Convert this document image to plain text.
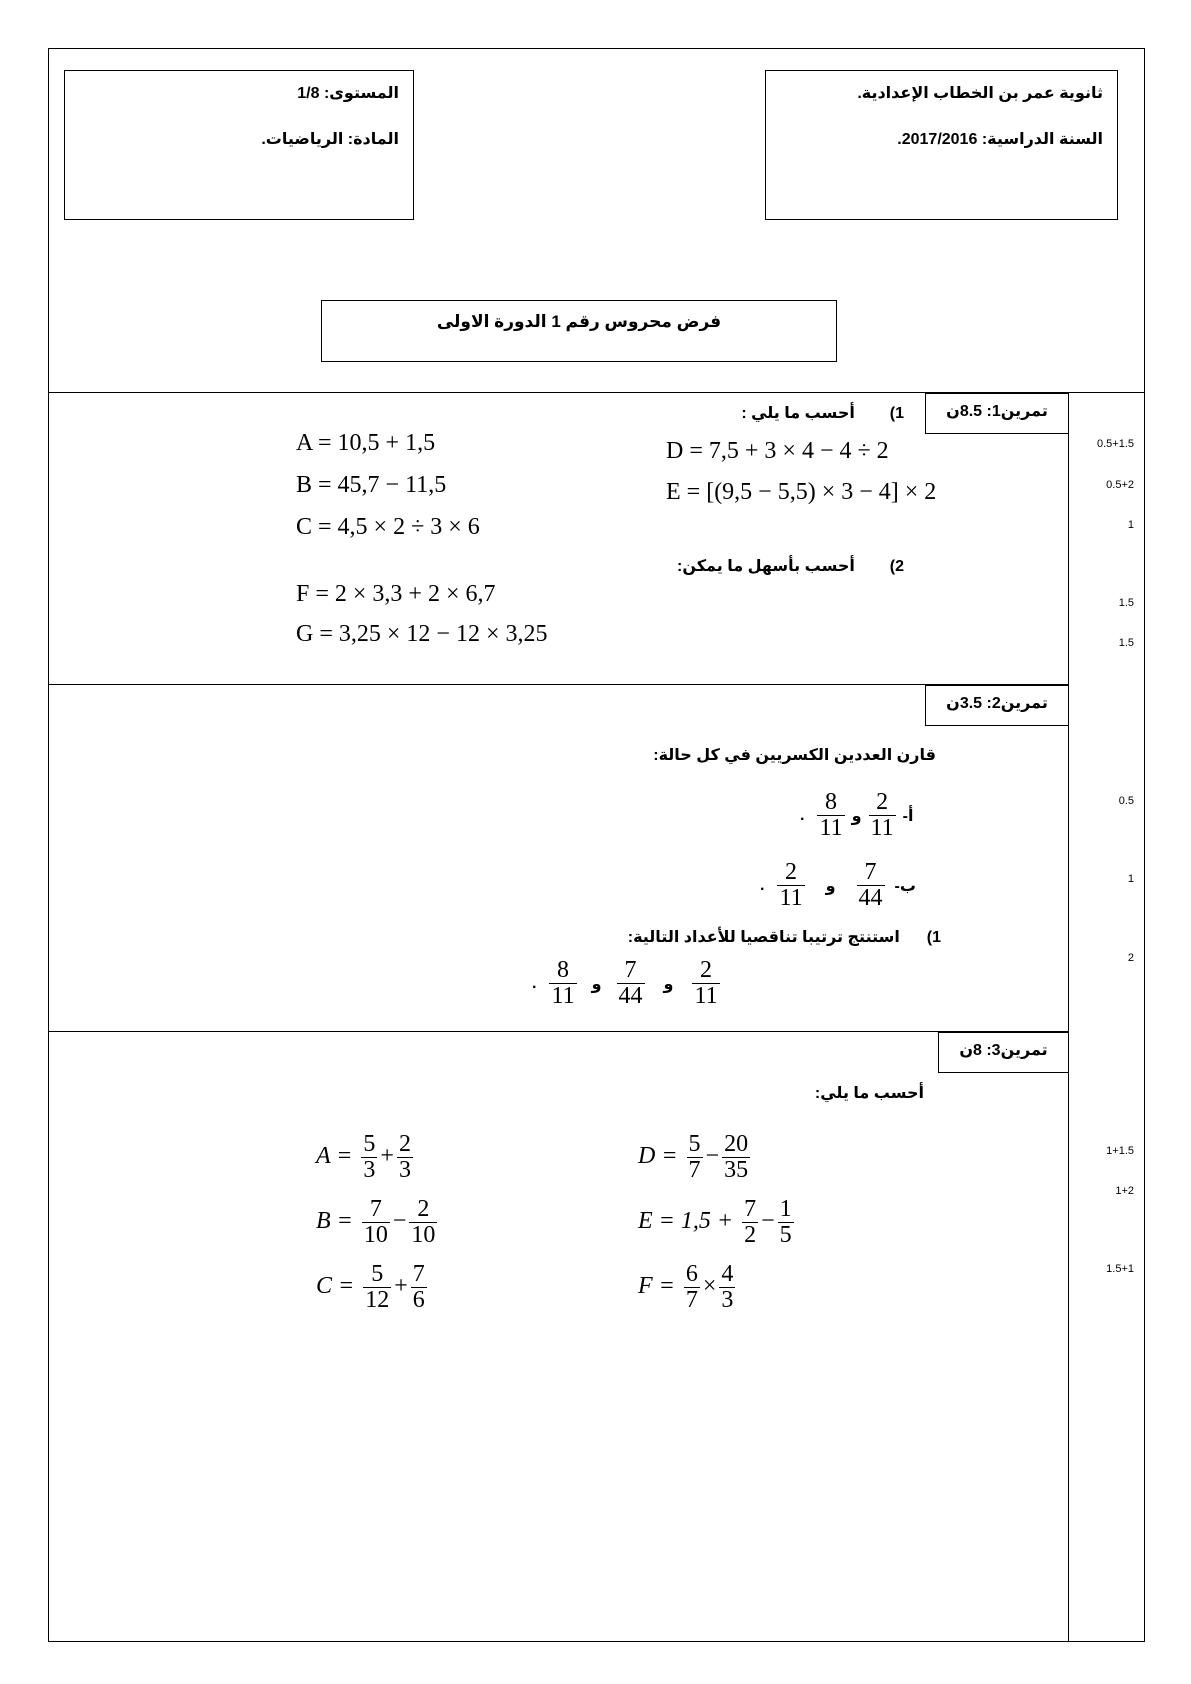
ثانوية عمر بن الخطاب الإعدادية.
السنة الدراسية: 2017/2016.
المستوى: 1/8
المادة: الرياضيات.
فرض محروس رقم 1 الدورة الاولى
تمرين1: 8.5ن
1)  أحسب ما يلي :
A = 10,5 + 1,5
B = 45,7 − 11,5
C = 4,5 × 2 ÷ 3 × 6
D = 7,5 + 3 × 4 − 4 ÷ 2
E = [(9,5 − 5,5) × 3 − 4] × 2
2)  أحسب بأسهل ما يمكن:
F = 2 × 3,3 + 2 × 6,7
G = 3,25 × 12 − 12 × 3,25
0.5+1.5
0.5+2
1
1.5
1.5
تمرين2: 3.5ن
قارن العددين الكسريين في كل حالة:
أ-
$\frac{2}{11}$
و
$\frac{8}{11}$
.
ب-
$\frac{7}{44}$
و
$\frac{2}{11}$
.
1)  استنتج ترتيبا تناقصيا للأعداد التالية:
$\frac{2}{11}$
و
$\frac{7}{44}$
و
$\frac{8}{11}$
.
0.5
1
2
تمرين3: 8ن
أحسب ما يلي:
$A = \frac{5}{3} + \frac{2}{3}$
$B = \frac{7}{10} - \frac{2}{10}$
$C = \frac{5}{12} + \frac{7}{6}$
$D = \frac{5}{7} - \frac{20}{35}$
$E = 1,5 + \frac{7}{2} - \frac{1}{5}$
$F = \frac{6}{7} \times \frac{4}{3}$
1+1.5
1+2
1.5+1
